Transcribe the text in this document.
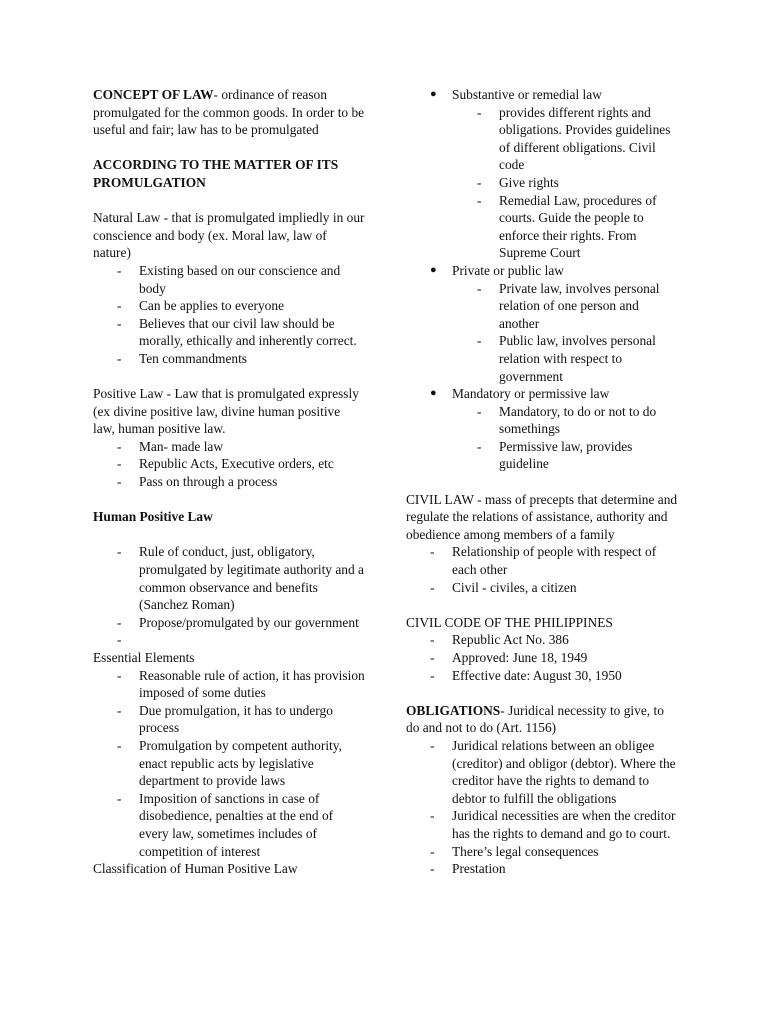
CONCEPT OF LAW- ordinance of reason promulgated for the common goods. In order to be useful and fair; law has to be promulgated

ACCORDING TO THE MATTER OF ITS PROMULGATION

Natural Law - that is promulgated impliedly in our conscience and body (ex. Moral law, law of nature)

- Existing based on our conscience and body
- Can be applies to everyone
- Believes that our civil law should be morally, ethically and inherently correct.
- Ten commandments

Positive Law - Law that is promulgated expressly (ex divine positive law, divine human positive law, human positive law.

- Man- made law
- Republic Acts, Executive orders, etc
- Pass on through a process

Human Positive Law

- Rule of conduct, just, obligatory, promulgated by legitimate authority and a common observance and benefits (Sanchez Roman)
- Propose/promulgated by our government
-

Essential Elements

- Reasonable rule of action, it has provision imposed of some duties
- Due promulgation, it has to undergo process
- Promulgation by competent authority, enact republic acts by legislative department to provide laws
- Imposition of sanctions in case of disobedience, penalties at the end of every law, sometimes includes of competition of interest

Classification of Human Positive Law

● Substantive or remedial law
- provides different rights and obligations. Provides guidelines of different obligations. Civil code
- Give rights
- Remedial Law, procedures of courts. Guide the people to enforce their rights. From Supreme Court
● Private or public law
- Private law, involves personal relation of one person and another
- Public law, involves personal relation with respect to government
● Mandatory or permissive law
- Mandatory, to do or not to do somethings
- Permissive law, provides guideline

CIVIL LAW - mass of precepts that determine and regulate the relations of assistance, authority and obedience among members of a family

- Relationship of people with respect of each other
- Civil - civiles, a citizen

CIVIL CODE OF THE PHILIPPINES

- Republic Act No. 386
- Approved: June 18, 1949
- Effective date: August 30, 1950

OBLIGATIONS- Juridical necessity to give, to do and not to do (Art. 1156)

- Juridical relations between an obligee (creditor) and obligor (debtor). Where the creditor have the rights to demand to debtor to fulfill the obligations
- Juridical necessities are when the creditor has the rights to demand and go to court.
- There’s legal consequences
- Prestation
